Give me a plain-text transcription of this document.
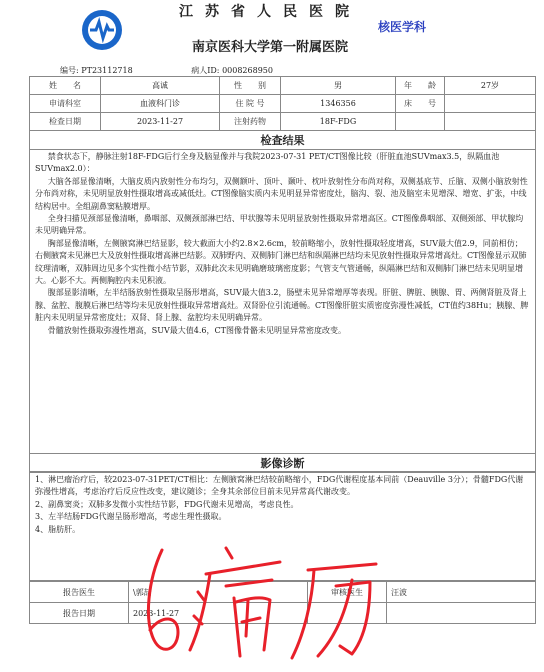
江苏省人民医院
南京医科大学第一附属医院
核医学科
编号: PT23112718	病人ID: 0008268950
姓　　名	高诚	性　　别	男	年　　龄	27岁
申请科室	血液科门诊	住 院 号	1346356	床　　号	
检查日期	2023-11-27	注射药物	18F-FDG		
检查结果

禁食状态下，静脉注射18F-FDG后行全身及脑显像并与我院2023-07-31 PET/CT图像比较（肝脏血池SUVmax3.5，纵隔血池SUVmax2.0）：

大脑各部显像清晰，大脑皮质内放射性分布均匀，双侧额叶、顶叶、颞叶、枕叶放射性分布尚对称，双侧基底节、丘脑、双侧小脑放射性分布尚对称，未见明显放射性摄取增高或减低灶。CT图像脑实质内未见明显异常密度灶，脑沟、裂、池及脑室未见增深、增宽、扩张，中线结构居中。全组副鼻窦粘膜增厚。

全身扫描见颈部显像清晰，鼻咽部、双侧颈部淋巴结、甲状腺等未见明显放射性摄取异常增高区。CT图像鼻咽部、双侧颈部、甲状腺均未见明确异常。

胸部显像清晰，左侧腋窝淋巴结显影，较大截面大小约2.8×2.6cm，较前略缩小，放射性摄取轻度增高，SUV最大值2.9，同前相仿；右侧腋窝未见淋巴大及放射性摄取增高淋巴结影。双肺野内、双侧肺门淋巴结和纵隔淋巴结均未见放射性摄取异常增高灶。CT图像显示双肺纹理清晰，双肺周边见多个实性微小结节影，双肺此次未见明确磨玻璃密度影；气管支气管通畅，纵隔淋巴结和双侧肺门淋巴结未见明显增大。心影不大。两侧胸腔内未见积液。

腹部显影清晰，左半结肠放射性摄取呈肠形增高，SUV最大值3.2，肠壁未见异常增厚等表现。肝脏、脾脏、胰腺、胃、两侧肾脏及肾上腺、盆腔、腹膜后淋巴结等均未见放射性摄取异常增高灶。双肾卧位引流通畅。CT图像肝脏实质密度弥漫性减低，CT值约38Hu；胰腺、脾脏内未见明显异常密度灶；双肾、肾上腺、盆腔均未见明确异常。

骨髓放射性摄取弥漫性增高，SUV最大值4.6，CT图像骨骼未见明显异常密度改变。

影像诊断

1、淋巴瘤治疗后，较2023-07-31PET/CT相比：左侧腋窝淋巴结较前略缩小，FDG代谢程度基本同前（Deauville 3分）；骨髓FDG代谢弥漫性增高，考虑治疗后反应性改变，建议随诊；全身其余部位目前未见异常高代谢改变。

2、副鼻窦炎；双肺多发微小实性结节影，FDG代谢未见增高，考虑良性。

3、左半结肠FDG代谢呈肠形增高，考虑生理性摄取。

4、脂肪肝。

报告医生	\郭喆	审核医生	汪波
报告日期	2023-11-27		
